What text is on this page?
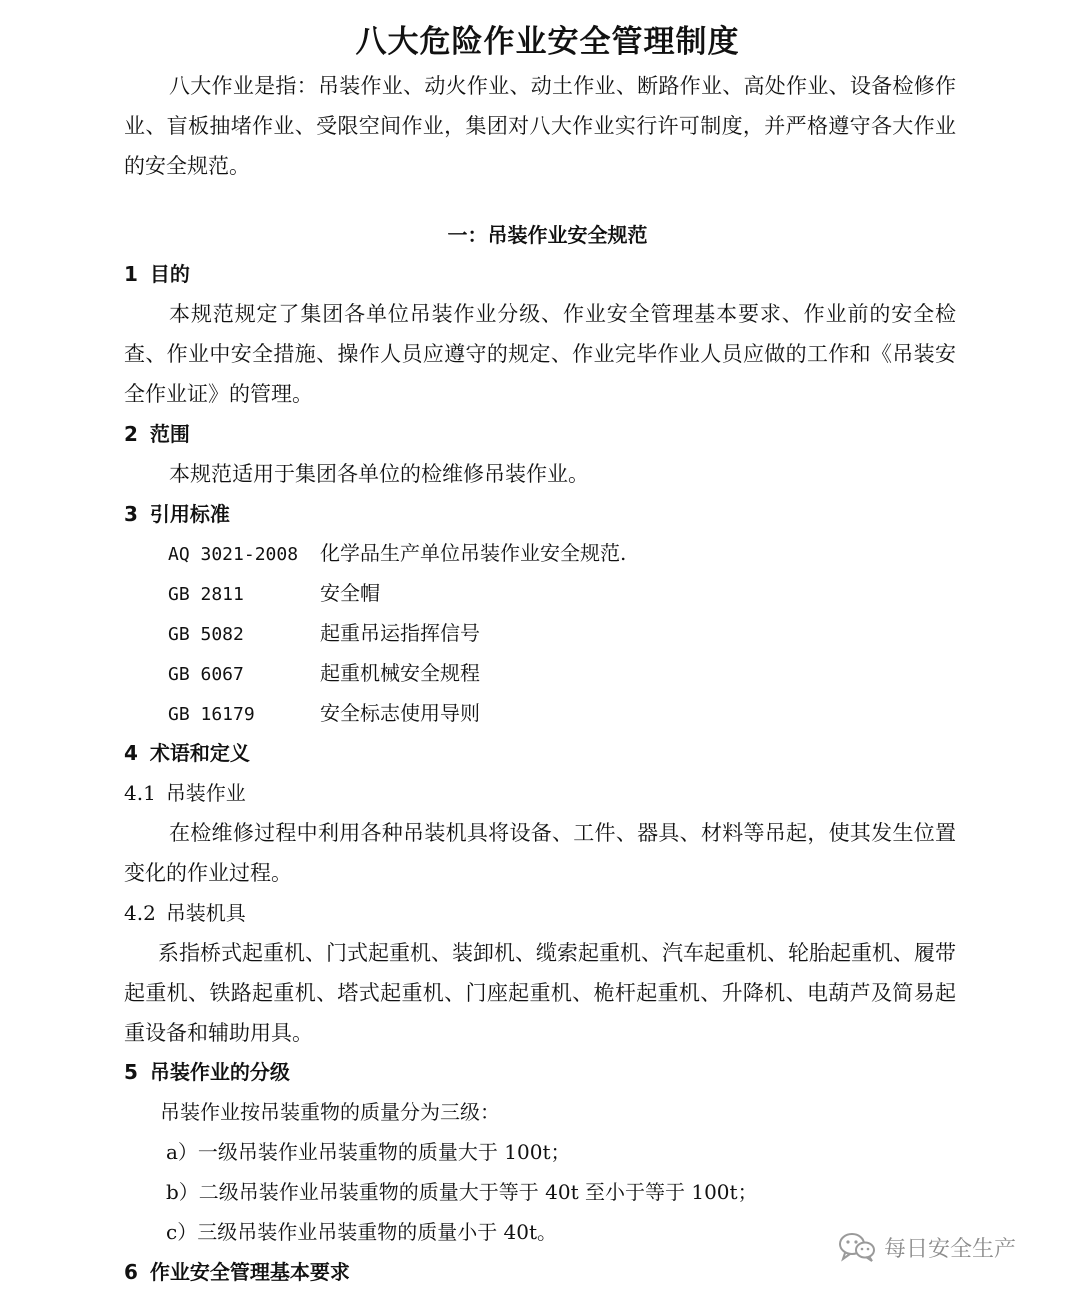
八大危险作业安全管理制度
八大作业是指：吊装作业、动火作业、动土作业、断路作业、高处作业、设备检修作业、盲板抽堵作业、受限空间作业，集团对八大作业实行许可制度，并严格遵守各大作业的安全规范。
一：吊装作业安全规范
1 目的
本规范规定了集团各单位吊装作业分级、作业安全管理基本要求、作业前的安全检查、作业中安全措施、操作人员应遵守的规定、作业完毕作业人员应做的工作和《吊装安全作业证》的管理。
2 范围
本规范适用于集团各单位的检维修吊装作业。
3 引用标准
AQ 3021-2008 化学品生产单位吊装作业安全规范.
GB 2811	安全帽
GB 5082	起重吊运指挥信号
GB 6067	起重机械安全规程
GB 16179	安全标志使用导则
4 术语和定义
4.1 吊装作业
在检维修过程中利用各种吊装机具将设备、工件、器具、材料等吊起，使其发生位置变化的作业过程。
4.2 吊装机具
系指桥式起重机、门式起重机、装卸机、缆索起重机、汽车起重机、轮胎起重机、履带起重机、铁路起重机、塔式起重机、门座起重机、桅杆起重机、升降机、电葫芦及简易起重设备和辅助用具。
5 吊装作业的分级
吊装作业按吊装重物的质量分为三级：
a）一级吊装作业吊装重物的质量大于 100t；
b）二级吊装作业吊装重物的质量大于等于 40t 至小于等于 100t；
c）三级吊装作业吊装重物的质量小于 40t。
6 作业安全管理基本要求
每日安全生产
